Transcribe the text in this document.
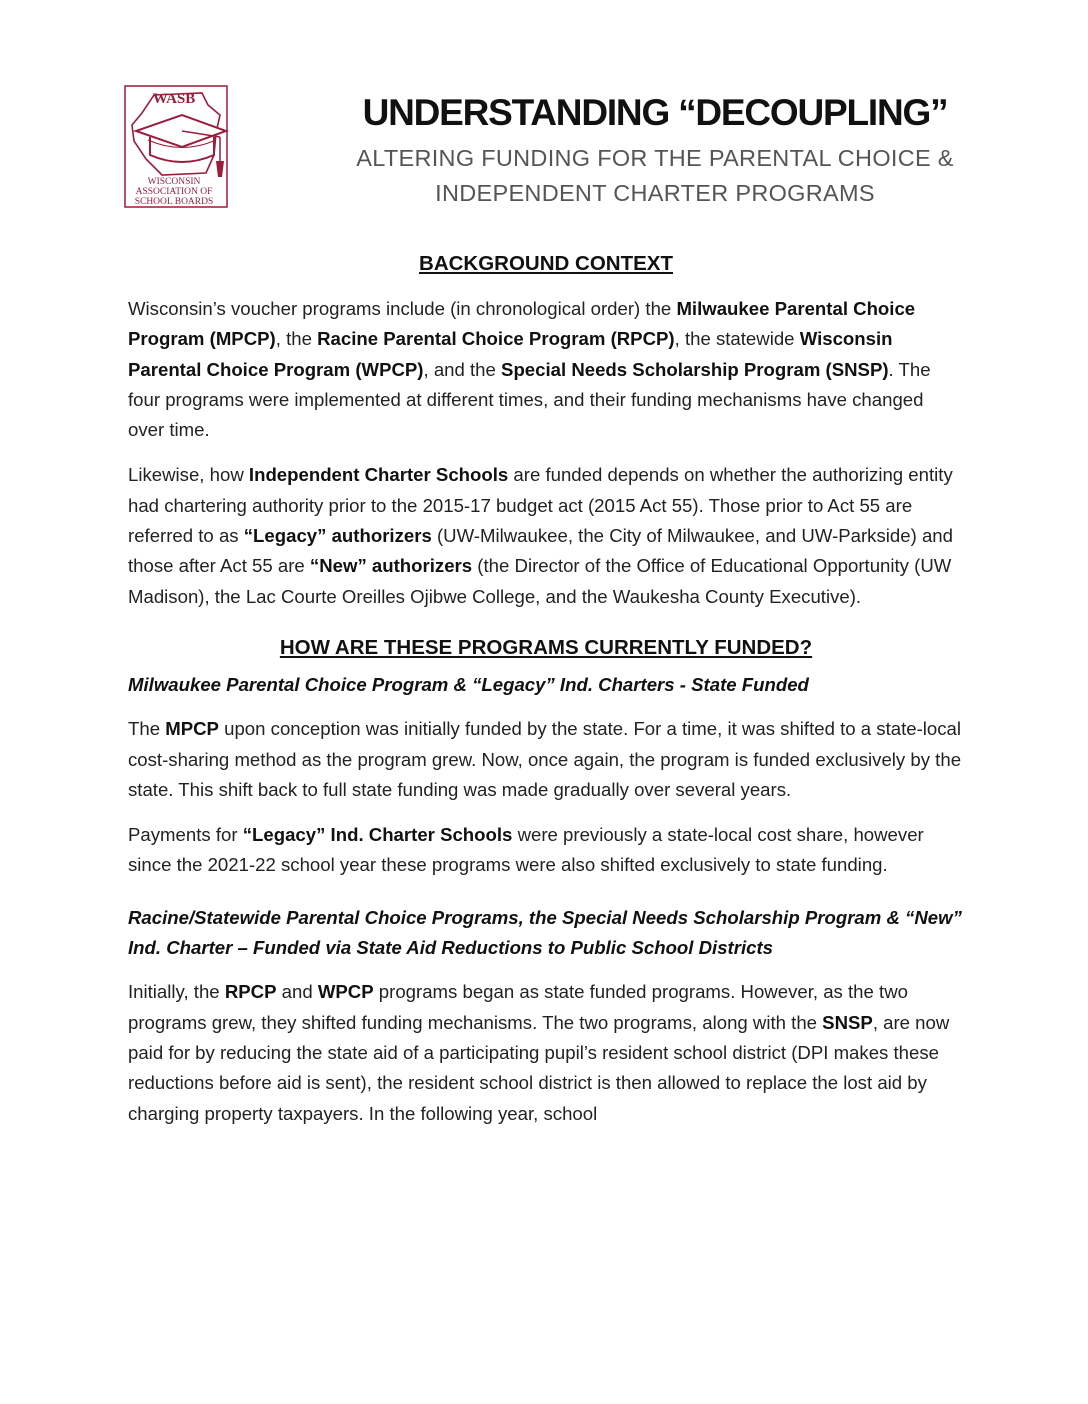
WASB
WISCONSIN
ASSOCIATION OF
SCHOOL BOARDS
UNDERSTANDING “DECOUPLING”
ALTERING FUNDING FOR THE PARENTAL CHOICE &
INDEPENDENT CHARTER PROGRAMS
BACKGROUND CONTEXT

Wisconsin’s voucher programs include (in chronological order) the Milwaukee Parental Choice Program (MPCP), the Racine Parental Choice Program (RPCP), the statewide Wisconsin Parental Choice Program (WPCP), and the Special Needs Scholarship Program (SNSP). The four programs were implemented at different times, and their funding mechanisms have changed over time.

Likewise, how Independent Charter Schools are funded depends on whether the authorizing entity had chartering authority prior to the 2015-17 budget act (2015 Act 55). Those prior to Act 55 are referred to as “Legacy” authorizers (UW-Milwaukee, the City of Milwaukee, and UW-Parkside) and those after Act 55 are “New” authorizers (the Director of the Office of Educational Opportunity (UW Madison), the Lac Courte Oreilles Ojibwe College, and the Waukesha County Executive).

HOW ARE THESE PROGRAMS CURRENTLY FUNDED?
Milwaukee Parental Choice Program & “Legacy” Ind. Charters - State Funded

The MPCP upon conception was initially funded by the state. For a time, it was shifted to a state-local cost-sharing method as the program grew. Now, once again, the program is funded exclusively by the state. This shift back to full state funding was made gradually over several years.

Payments for “Legacy” Ind. Charter Schools were previously a state-local cost share, however since the 2021-22 school year these programs were also shifted exclusively to state funding.

Racine/Statewide Parental Choice Programs, the Special Needs Scholarship Program & “New” Ind. Charter – Funded via State Aid Reductions to Public School Districts

Initially, the RPCP and WPCP programs began as state funded programs. However, as the two programs grew, they shifted funding mechanisms. The two programs, along with the SNSP, are now paid for by reducing the state aid of a participating pupil’s resident school district (DPI makes these reductions before aid is sent), the resident school district is then allowed to replace the lost aid by charging property taxpayers. In the following year, school
